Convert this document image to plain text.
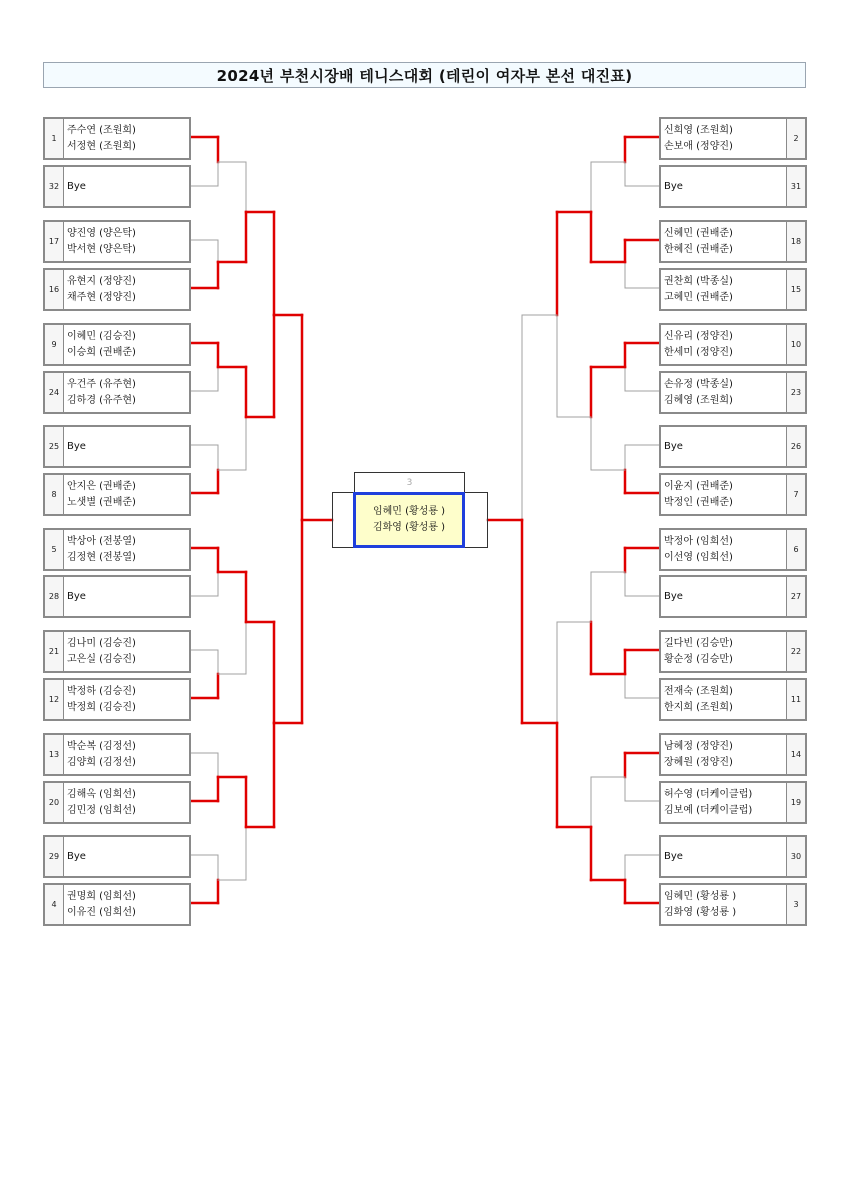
2024년 부천시장배 테니스대회 (테린이 여자부 본선 대진표)
1
주수연 (조원희)
서정현 (조원희)
32 Bye
17
양진영 (양은탁)
박서현 (양은탁)
16
유현지 (정양진)
채주현 (정양진)
9
이혜민 (김승진)
이승희 (권배준)
24
우건주 (유주현)
김하경 (유주현)
25 Bye
8
안지은 (권배준)
노샛별 (권배준)
5
박상아 (전봉열)
김정현 (전봉열)
28 Bye
21
김나미 (김승진)
고은실 (김승진)
12
박정하 (김승진)
박정희 (김승진)
13
박순복 (김정선)
김양희 (김정선)
20
김해옥 (임희선)
김민정 (임희선)
29 Bye
4
권명희 (임희선)
이유진 (임희선)
2
신희영 (조원희)
손보애 (정양진)
31
Bye
18
신혜민 (권배준)
한혜진 (권배준)
15
권찬희 (박종실)
고혜민 (권배준)
10
신유리 (정양진)
한세미 (정양진)
23
손유정 (박종실)
김혜영 (조원희)
26
Bye
7
이윤지 (권배준)
박정인 (권배준)
6
박정아 (임희선)
이선영 (임희선)
27
Bye
22
길다빈 (김승만)
황순정 (김승만)
11
전재숙 (조원희)
한지희 (조원희)
14
남혜정 (정양진)
장혜원 (정양진)
19
허수영 (더케이클럽)
김보예 (더케이클럽)
30
Bye
3
임혜민 (황성룡 )
김화영 (황성룡 )
3
임혜민 (황성룡 )
김화영 (황성룡 )
